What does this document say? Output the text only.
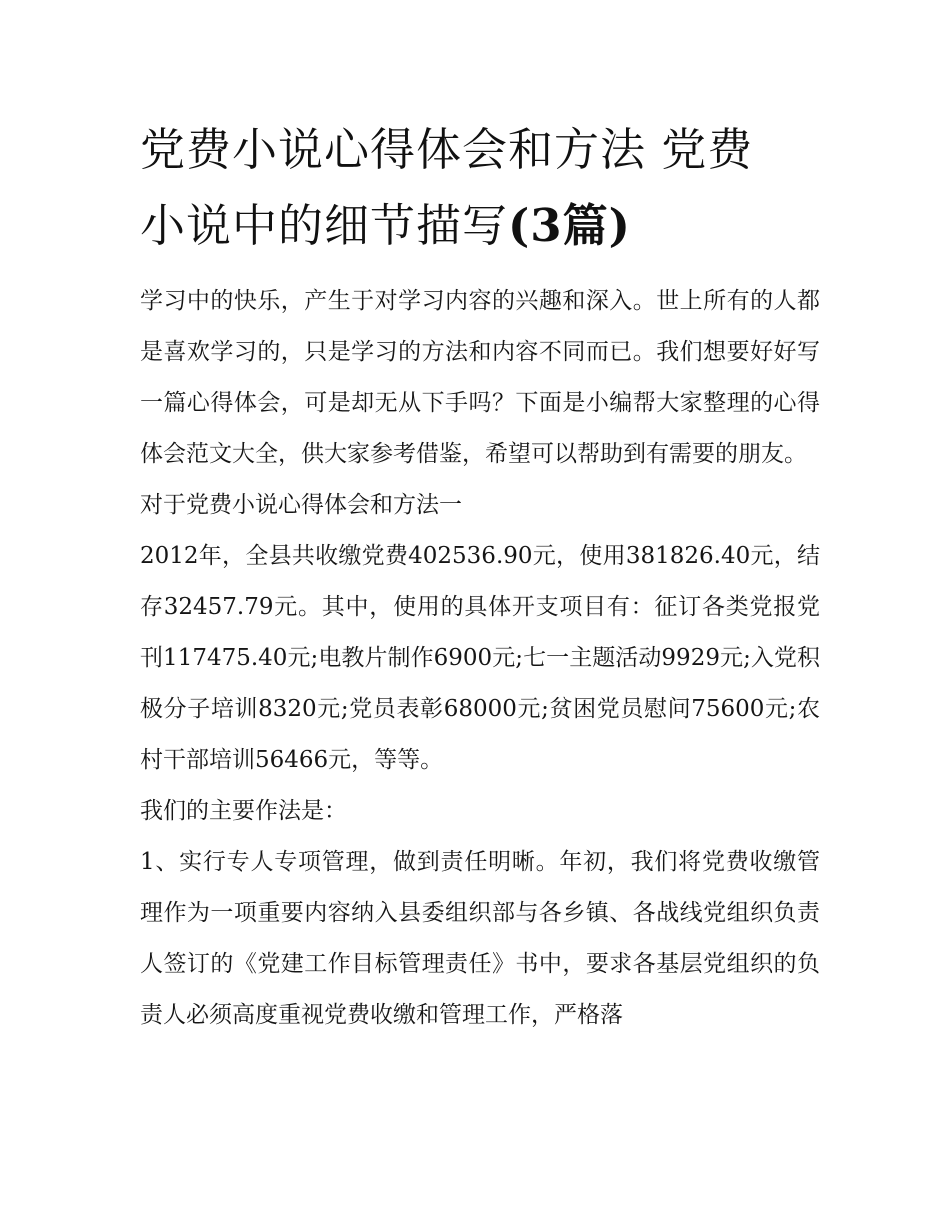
党费小说心得体会和方法 党费
小说中的细节描写(3篇)

学习中的快乐，产生于对学习内容的兴趣和深入。世上所有的人都是喜欢学习的，只是学习的方法和内容不同而已。我们想要好好写一篇心得体会，可是却无从下手吗？下面是小编帮大家整理的心得体会范文大全，供大家参考借鉴，希望可以帮助到有需要的朋友。

对于党费小说心得体会和方法一

2012年，全县共收缴党费402536.90元，使用381826.40元，结存32457.79元。其中，使用的具体开支项目有：征订各类党报党刊117475.40元;电教片制作6900元;七一主题活动9929元;入党积极分子培训8320元;党员表彰68000元;贫困党员慰问75600元;农村干部培训56466元，等等。

我们的主要作法是：

1、实行专人专项管理，做到责任明晰。年初，我们将党费收缴管理作为一项重要内容纳入县委组织部与各乡镇、各战线党组织负责人签订的《党建工作目标管理责任》书中，要求各基层党组织的负责人必须高度重视党费收缴和管理工作，严格落
